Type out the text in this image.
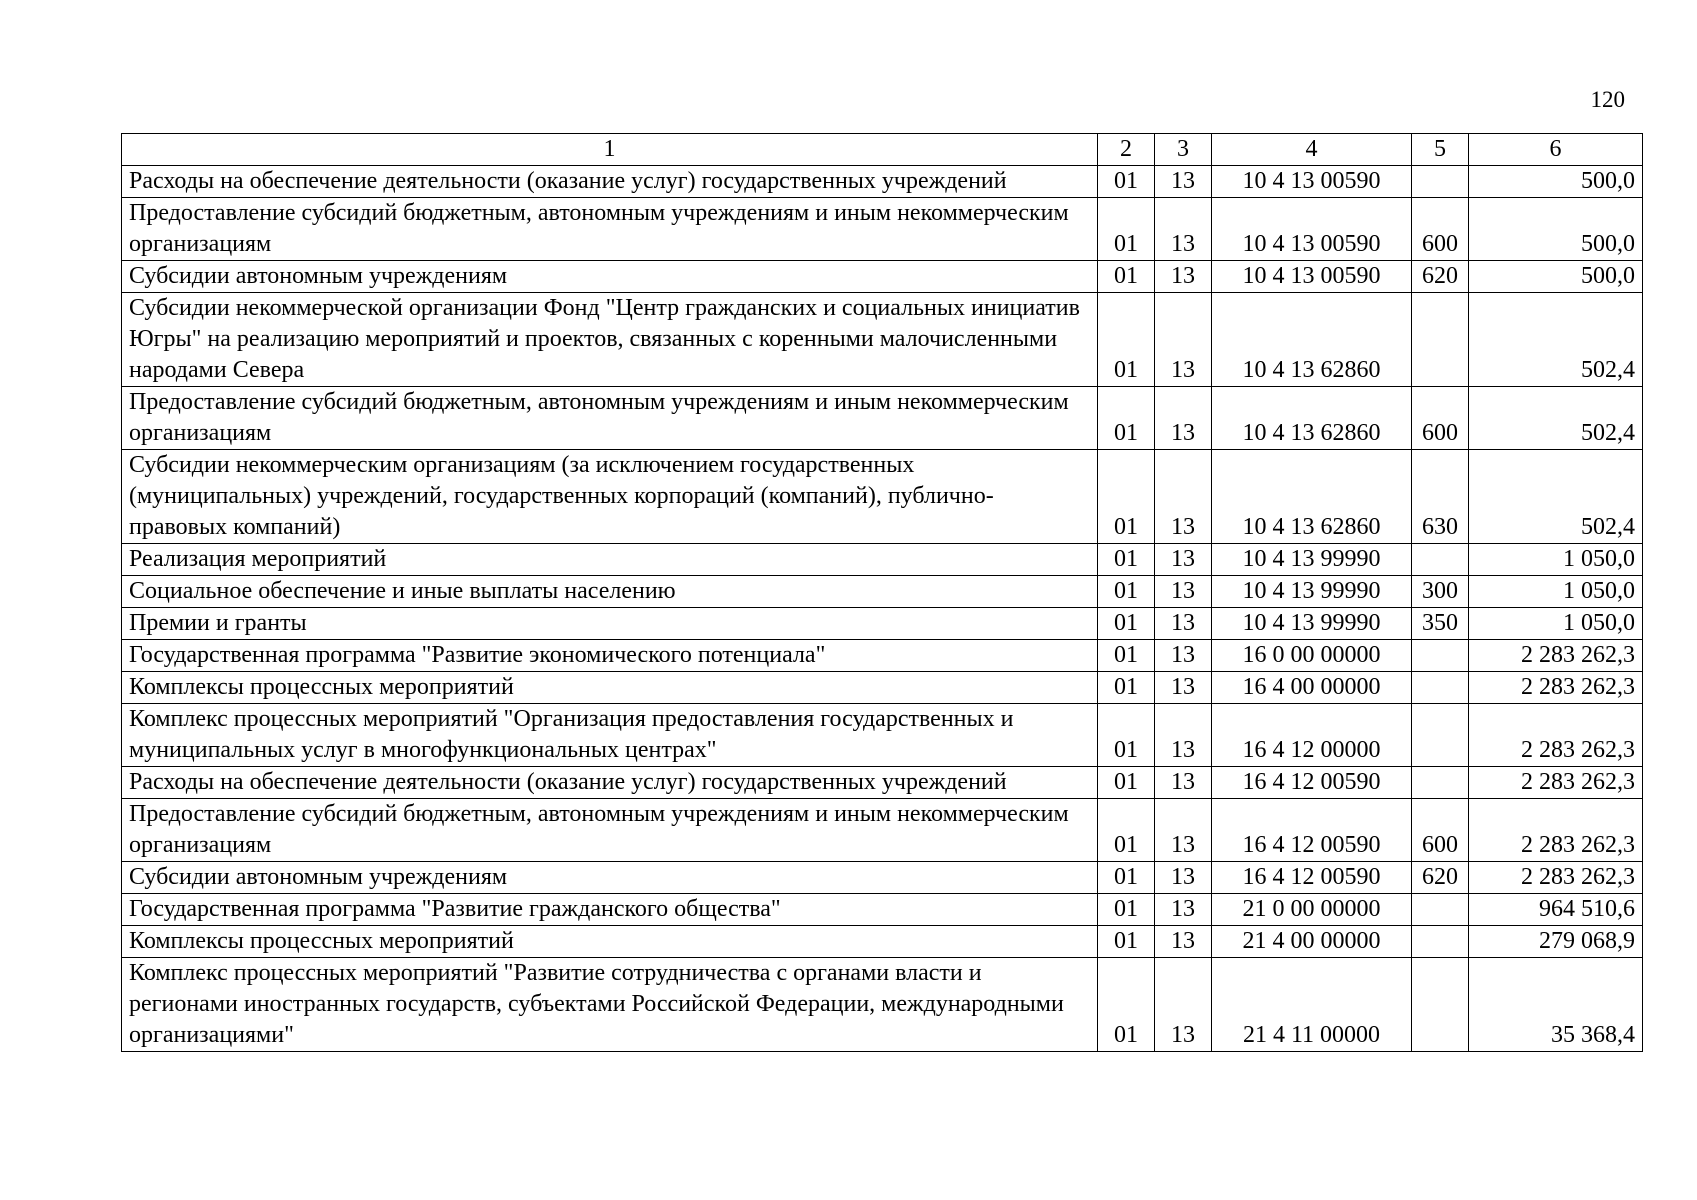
120
1	2	3	4	5	6
Расходы на обеспечение деятельности (оказание услуг) государственных учреждений	01	13	10 4 13 00590		500,0
Предоставление субсидий бюджетным, автономным учреждениям и иным некоммерческим организациям	01	13	10 4 13 00590	600	500,0
Субсидии автономным учреждениям	01	13	10 4 13 00590	620	500,0
Субсидии некоммерческой организации Фонд "Центр гражданских и социальных инициатив Югры" на реализацию мероприятий и проектов, связанных с коренными малочисленными народами Севера	01	13	10 4 13 62860		502,4
Предоставление субсидий бюджетным, автономным учреждениям и иным некоммерческим организациям	01	13	10 4 13 62860	600	502,4
Субсидии некоммерческим организациям (за исключением государственных (муниципальных) учреждений, государственных корпораций (компаний), публично-правовых компаний)	01	13	10 4 13 62860	630	502,4
Реализация мероприятий	01	13	10 4 13 99990		1 050,0
Социальное обеспечение и иные выплаты населению	01	13	10 4 13 99990	300	1 050,0
Премии и гранты	01	13	10 4 13 99990	350	1 050,0
Государственная программа "Развитие экономического потенциала"	01	13	16 0 00 00000		2 283 262,3
Комплексы процессных мероприятий	01	13	16 4 00 00000		2 283 262,3
Комплекс процессных мероприятий "Организация предоставления государственных и муниципальных услуг в многофункциональных центрах"	01	13	16 4 12 00000		2 283 262,3
Расходы на обеспечение деятельности (оказание услуг) государственных учреждений	01	13	16 4 12 00590		2 283 262,3
Предоставление субсидий бюджетным, автономным учреждениям и иным некоммерческим организациям	01	13	16 4 12 00590	600	2 283 262,3
Субсидии автономным учреждениям	01	13	16 4 12 00590	620	2 283 262,3
Государственная программа "Развитие гражданского общества"	01	13	21 0 00 00000		964 510,6
Комплексы процессных мероприятий	01	13	21 4 00 00000		279 068,9
Комплекс процессных мероприятий "Развитие сотрудничества с органами власти и регионами иностранных государств, субъектами Российской Федерации, международными организациями"	01	13	21 4 11 00000		35 368,4
